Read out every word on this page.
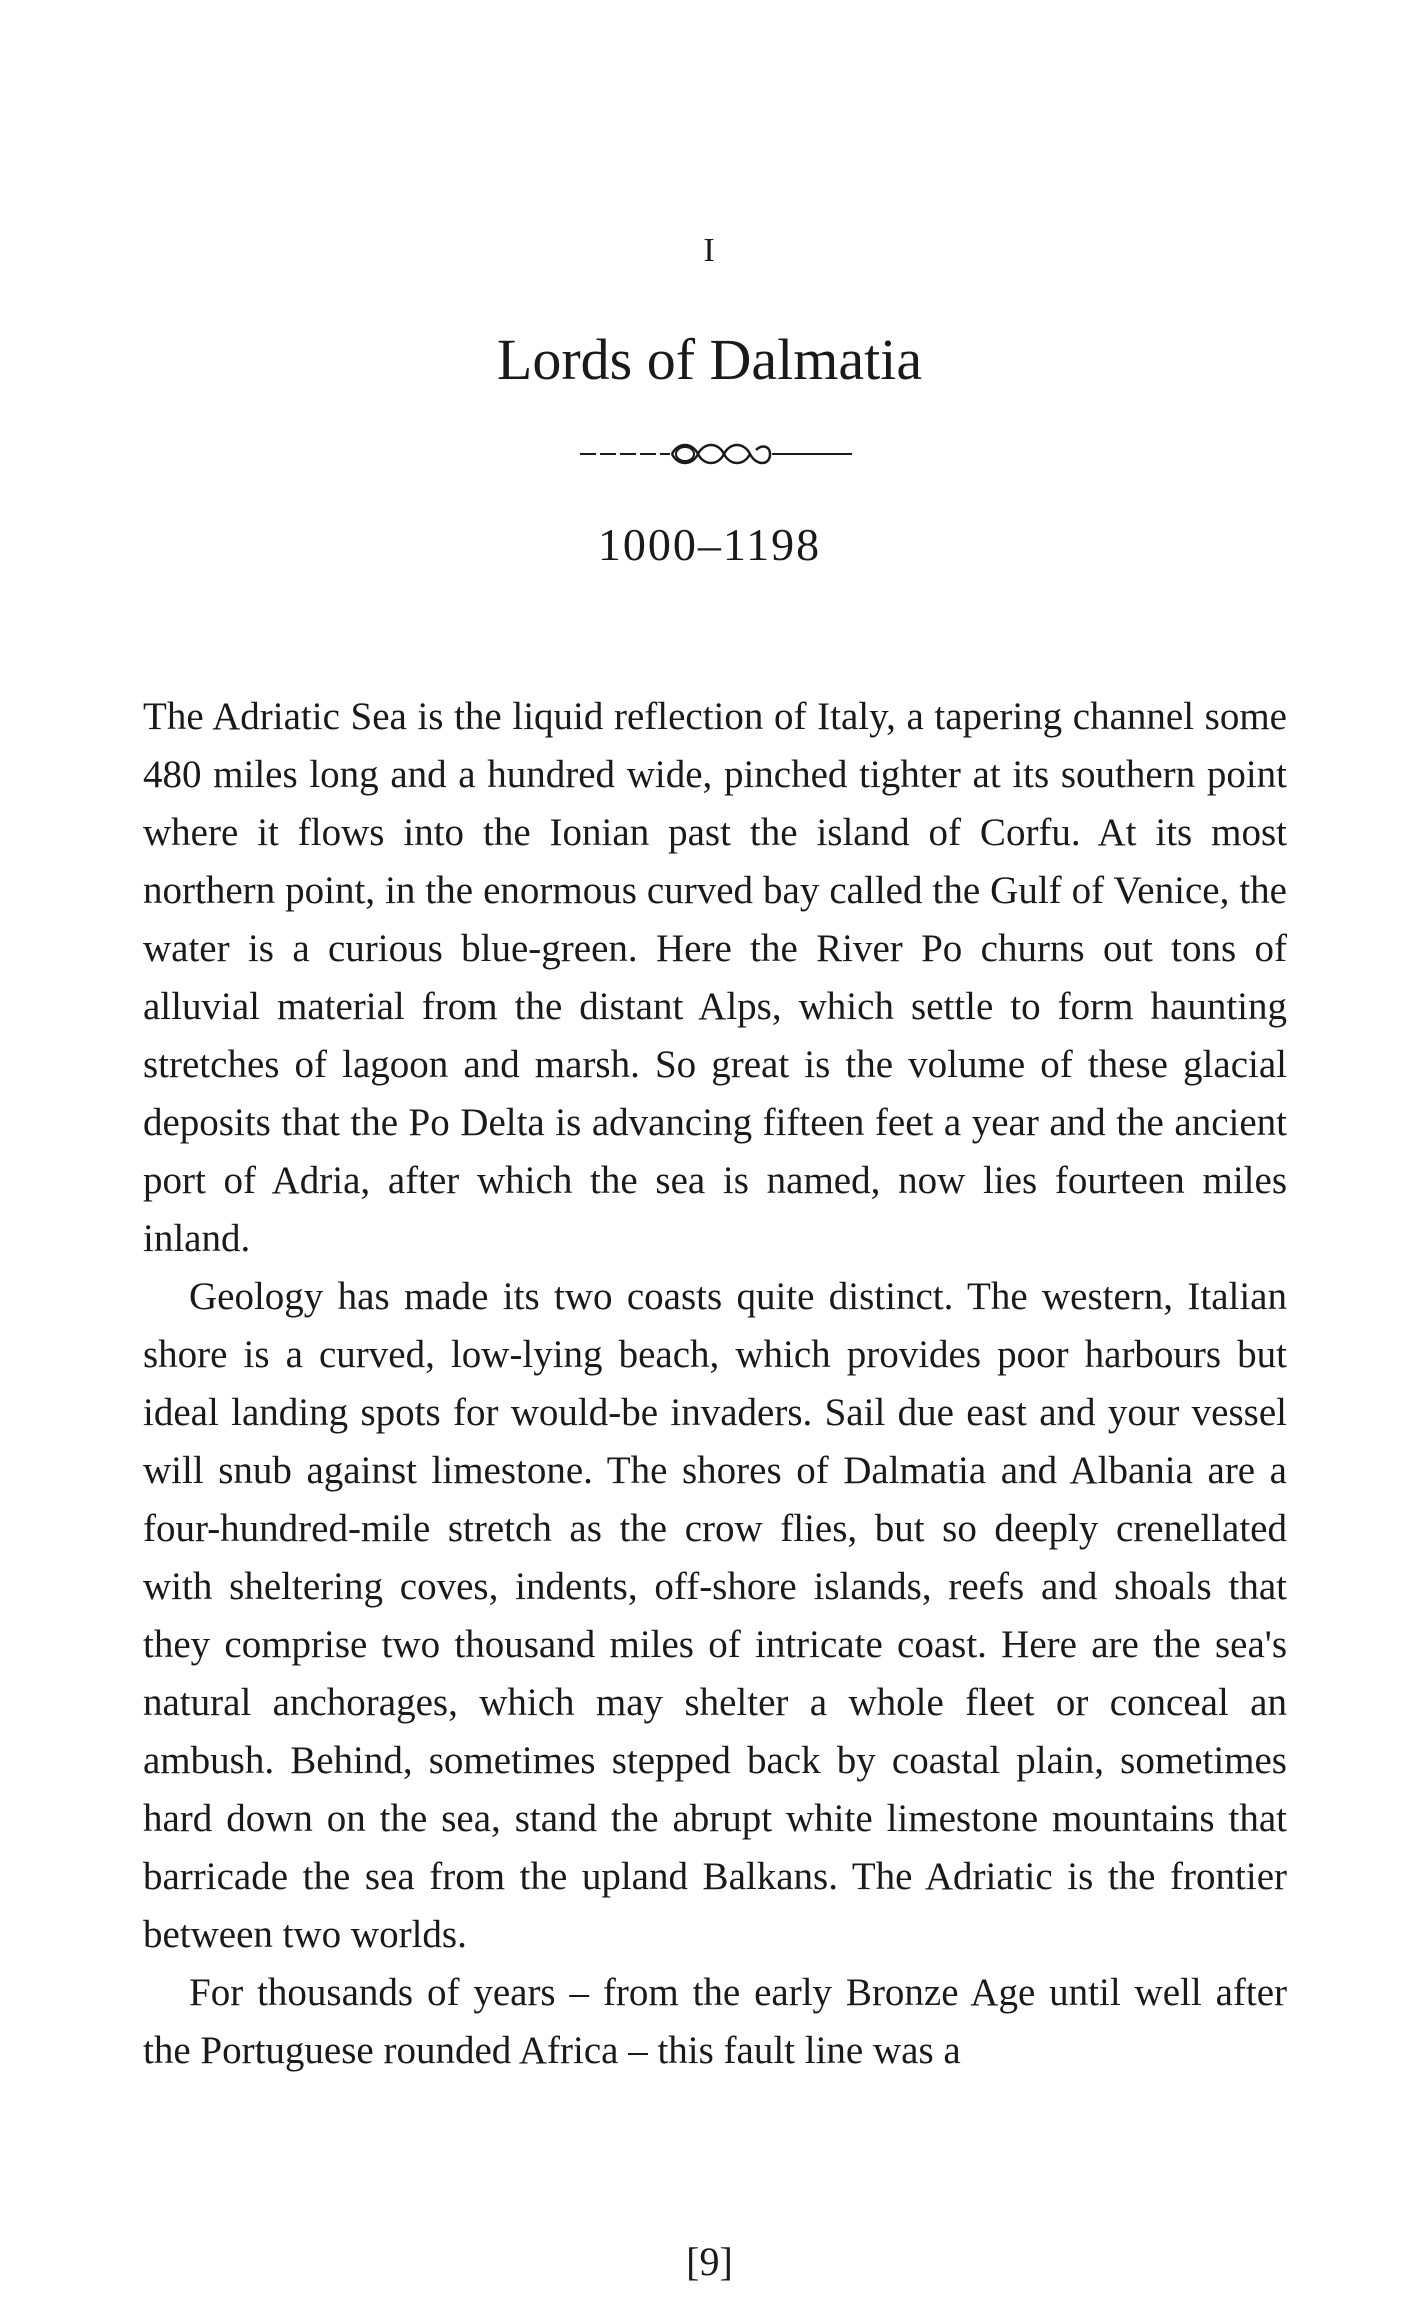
I
Lords of Dalmatia
1000–1198

The Adriatic Sea is the liquid reflection of Italy, a tapering channel some 480 miles long and a hundred wide, pinched tighter at its southern point where it flows into the Ionian past the island of Corfu. At its most northern point, in the enormous curved bay called the Gulf of Venice, the water is a curious blue-green. Here the River Po churns out tons of alluvial material from the distant Alps, which settle to form haunting stretches of lagoon and marsh. So great is the volume of these glacial deposits that the Po Delta is advancing fifteen feet a year and the ancient port of Adria, after which the sea is named, now lies fourteen miles inland.

Geology has made its two coasts quite distinct. The western, Italian shore is a curved, low-lying beach, which provides poor harbours but ideal landing spots for would-be invaders. Sail due east and your vessel will snub against limestone. The shores of Dalmatia and Albania are a four-hundred-mile stretch as the crow flies, but so deeply crenellated with sheltering coves, indents, off-shore islands, reefs and shoals that they comprise two thousand miles of intricate coast. Here are the sea's natural anchorages, which may shelter a whole fleet or conceal an ambush. Behind, sometimes stepped back by coastal plain, sometimes hard down on the sea, stand the abrupt white limestone mountains that barricade the sea from the upland Balkans. The Adriatic is the frontier between two worlds.

For thousands of years – from the early Bronze Age until well after the Portuguese rounded Africa – this fault line was a

[9]
